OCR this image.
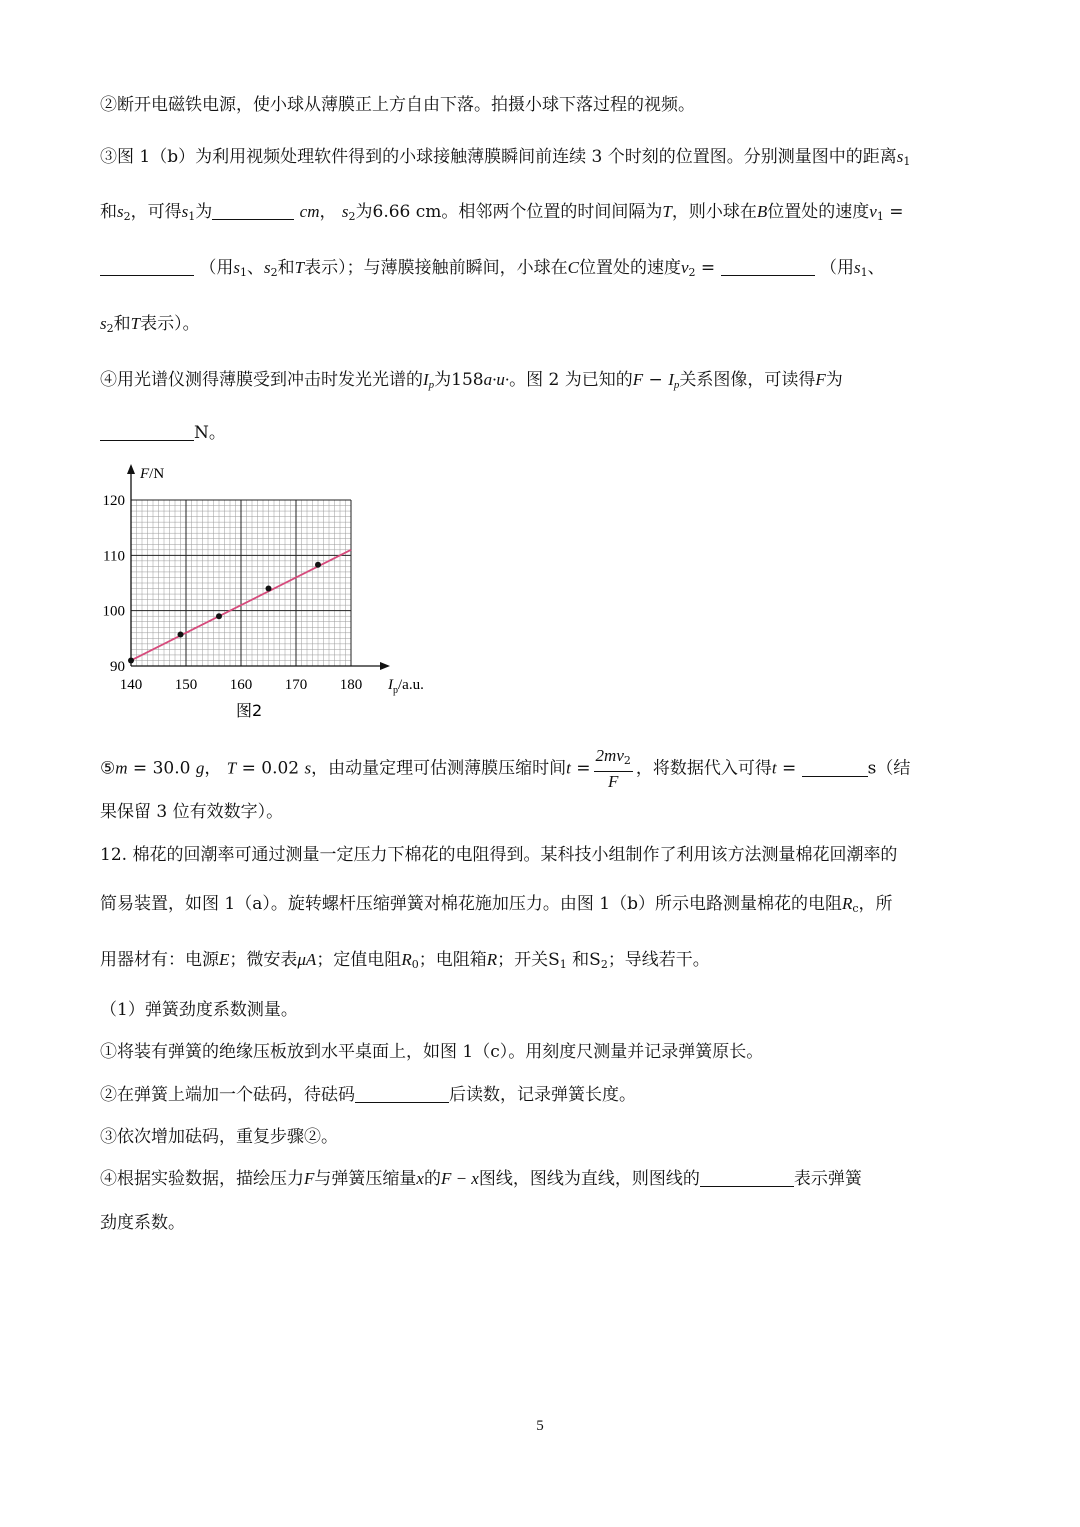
②断开电磁铁电源，使小球从薄膜正上方自由下落。拍摄小球下落过程的视频。
③图 1（b）为利用视频处理软件得到的小球接触薄膜瞬间前连续 3 个时刻的位置图。分别测量图中的距离$s_1$
和$s_2$，可得$s_1$为	cm， $s_2$为6.66 cm。相邻两个位置的时间间隔为T，则小球在B位置处的速度$v_1$ =
（用$s_1$、$s_2$和T表示）；与薄膜接触前瞬间，小球在C位置处的速度$v_2$ =	（用$s_1$、
$s_2$和T表示）。
④用光谱仪测得薄膜受到冲击时发光光谱的$I_p$为158a·u·。图 2 为已知的$F - I_p$关系图像，可读得F为
N。
140 150 160 170 180
90
100
110
120
F/N
$I_p/a.u$.
图2
⑤m = 30.0 g， T = 0.02 s，由动量定理可估测薄膜压缩时间$t = \frac{2mv_2}{F}$ ，将数据代入可得t =	s（结
果保留 3 位有效数字）。
12. 棉花的回潮率可通过测量一定压力下棉花的电阻得到。某科技小组制作了利用该方法测量棉花回潮率的
简易装置，如图 1（a）。旋转螺杆压缩弹簧对棉花施加压力。由图 1（b）所示电路测量棉花的电阻$R_c$，所
用器材有：电源E；微安表μA；定值电阻$R_0$；电阻箱R；开关$S_1$ 和$S_2$；导线若干。
（1）弹簧劲度系数测量。
①将装有弹簧的绝缘压板放到水平桌面上，如图 1（c）。用刻度尺测量并记录弹簧原长。
②在弹簧上端加一个砝码，待砝码	后读数，记录弹簧长度。
③依次增加砝码，重复步骤②。
④根据实验数据，描绘压力F与弹簧压缩量x的F − x图线，图线为直线，则图线的	表示弹簧
劲度系数。
5
